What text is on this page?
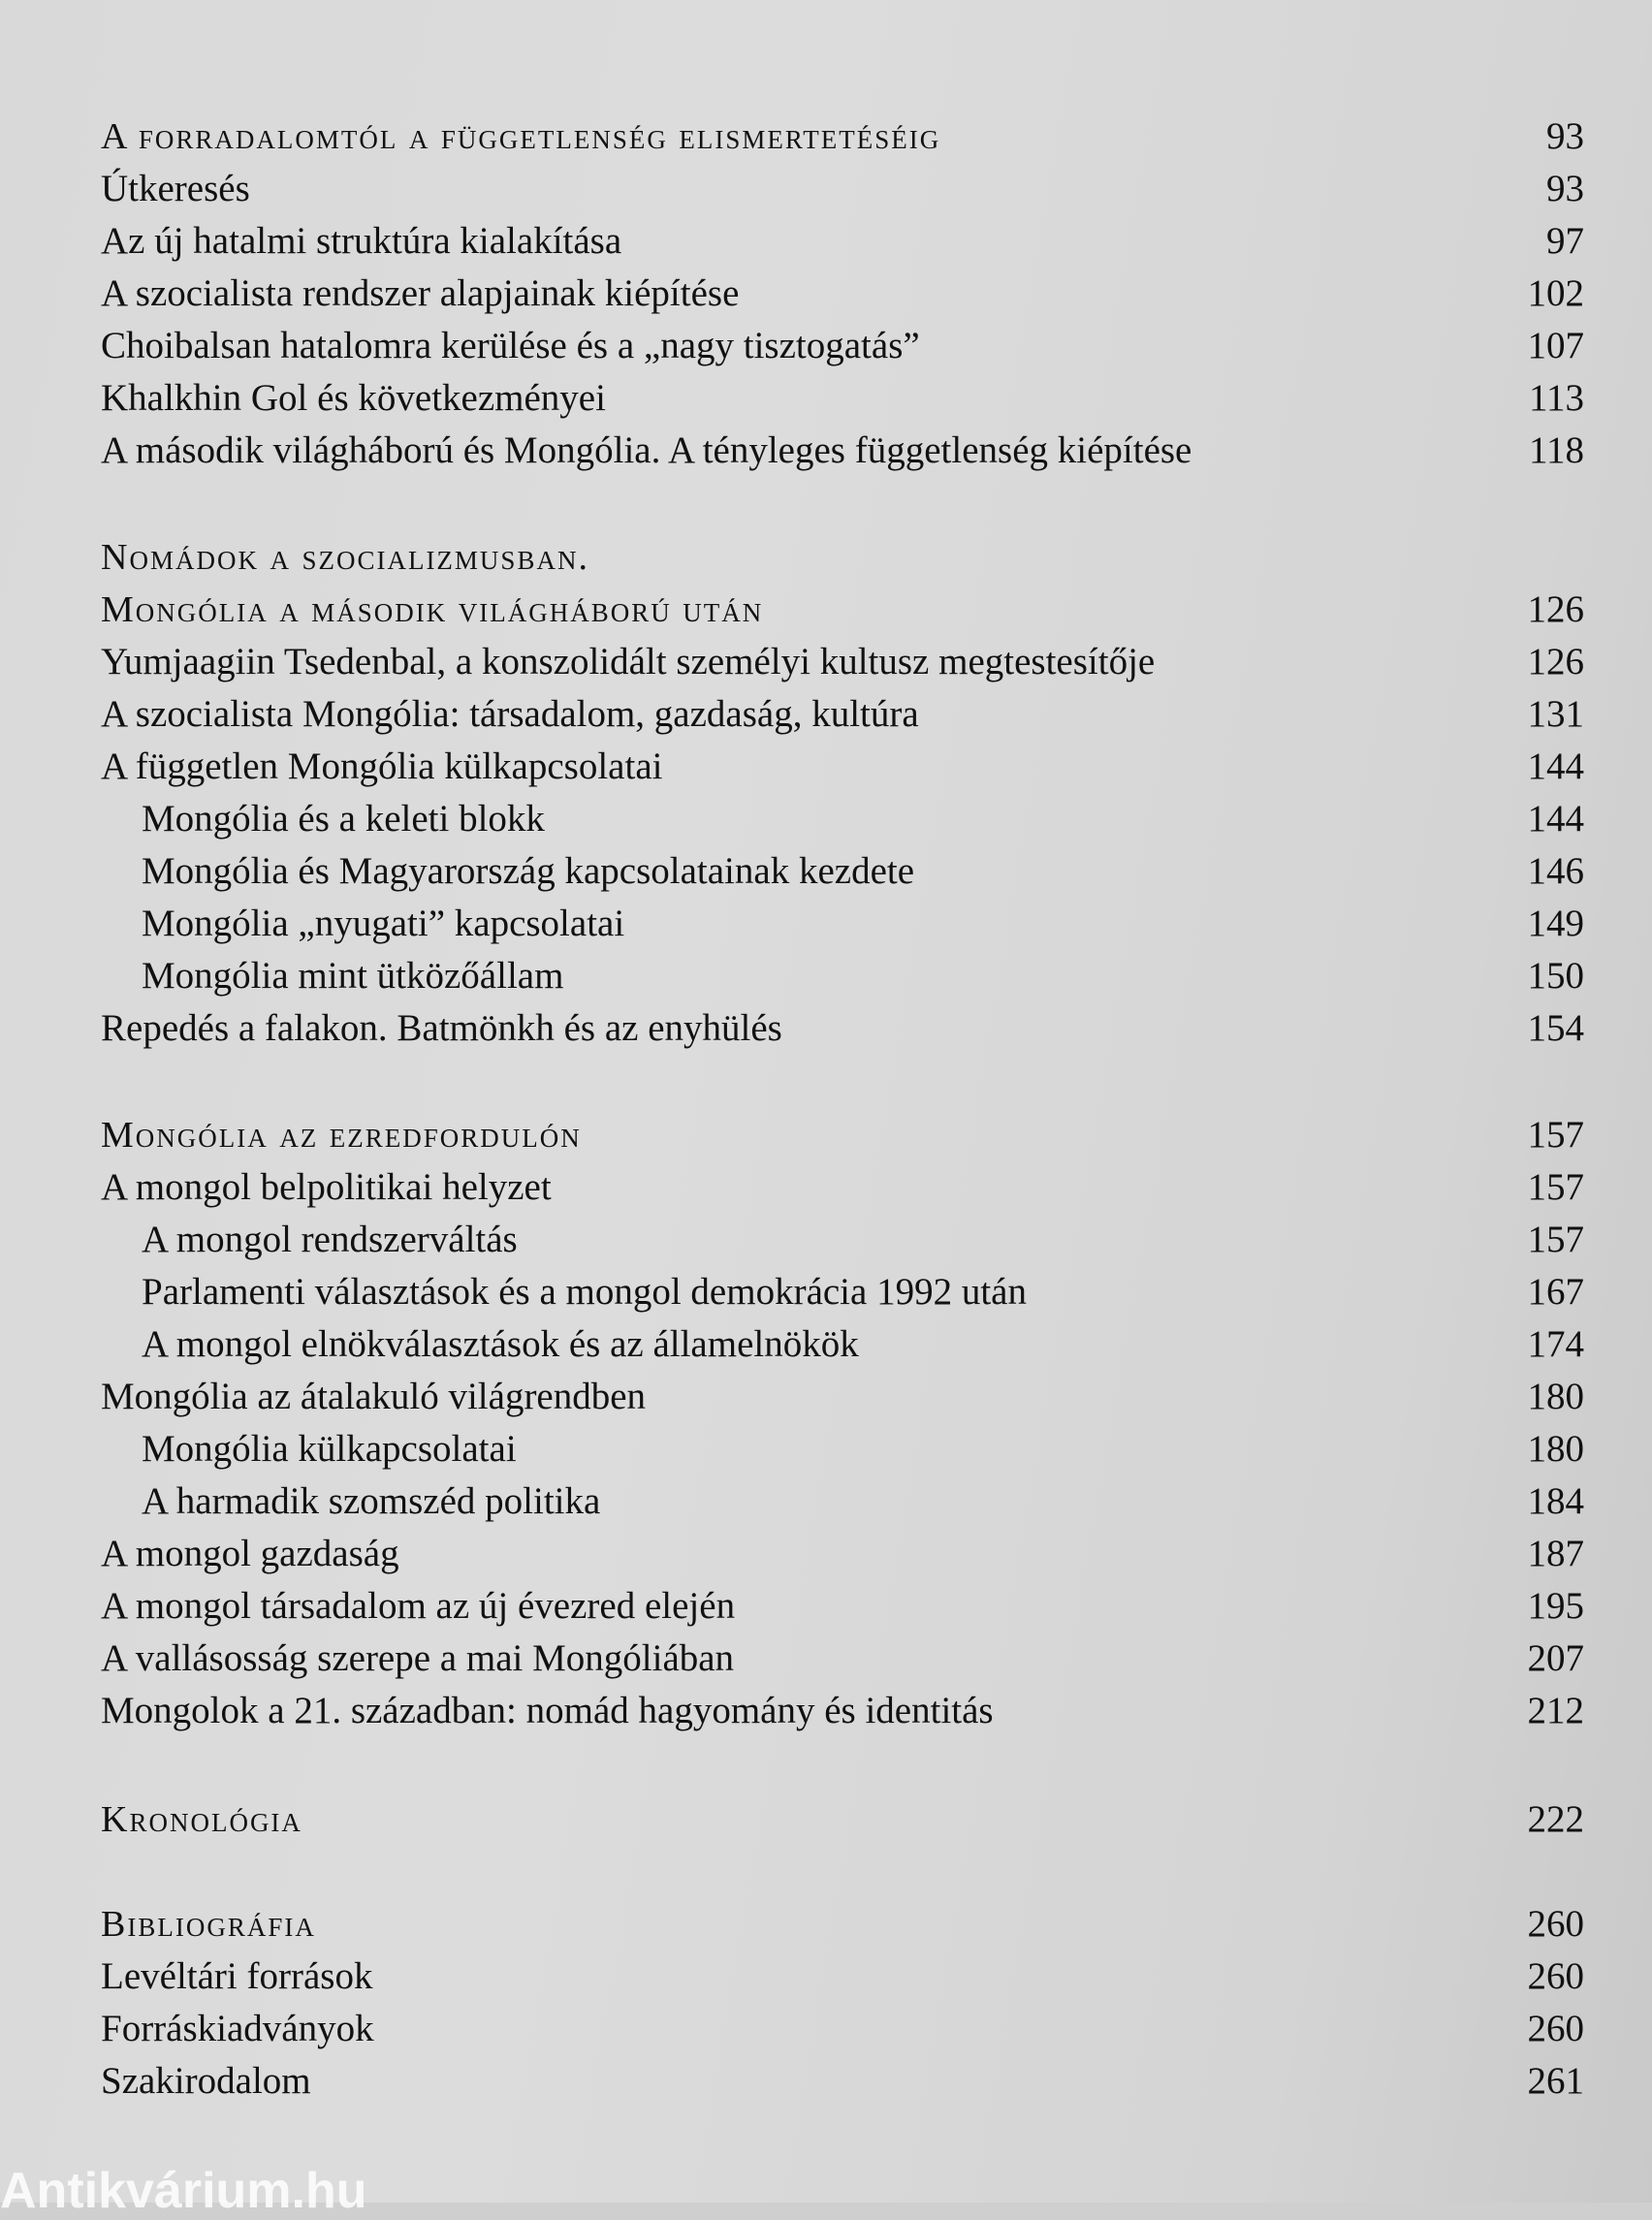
A forradalomtól a függetlenség elismertetéséig	93
Útkeresés	93
Az új hatalmi struktúra kialakítása	97
A szocialista rendszer alapjainak kiépítése	102
Choibalsan hatalomra kerülése és a „nagy tisztogatás”	107
Khalkhin Gol és következményei	113
A második világháború és Mongólia. A tényleges függetlenség kiépítése	118
Nomádok a szocializmusban.
Mongólia a második világháború után	126
Yumjaagiin Tsedenbal, a konszolidált személyi kultusz megtestesítője	126
A szocialista Mongólia: társadalom, gazdaság, kultúra	131
A független Mongólia külkapcsolatai	144
Mongólia és a keleti blokk	144
Mongólia és Magyarország kapcsolatainak kezdete	146
Mongólia „nyugati” kapcsolatai	149
Mongólia mint ütközőállam	150
Repedés a falakon. Batmönkh és az enyhülés	154
Mongólia az ezredfordulón	157
A mongol belpolitikai helyzet	157
A mongol rendszerváltás	157
Parlamenti választások és a mongol demokrácia 1992 után	167
A mongol elnökválasztások és az államelnökök	174
Mongólia az átalakuló világrendben	180
Mongólia külkapcsolatai	180
A harmadik szomszéd politika	184
A mongol gazdaság	187
A mongol társadalom az új évezred elején	195
A vallásosság szerepe a mai Mongóliában	207
Mongolok a 21. században: nomád hagyomány és identitás	212
Kronológia	222
Bibliográfia	260
Levéltári források	260
Forráskiadványok	260
Szakirodalom	261
Antikvárium.hu
